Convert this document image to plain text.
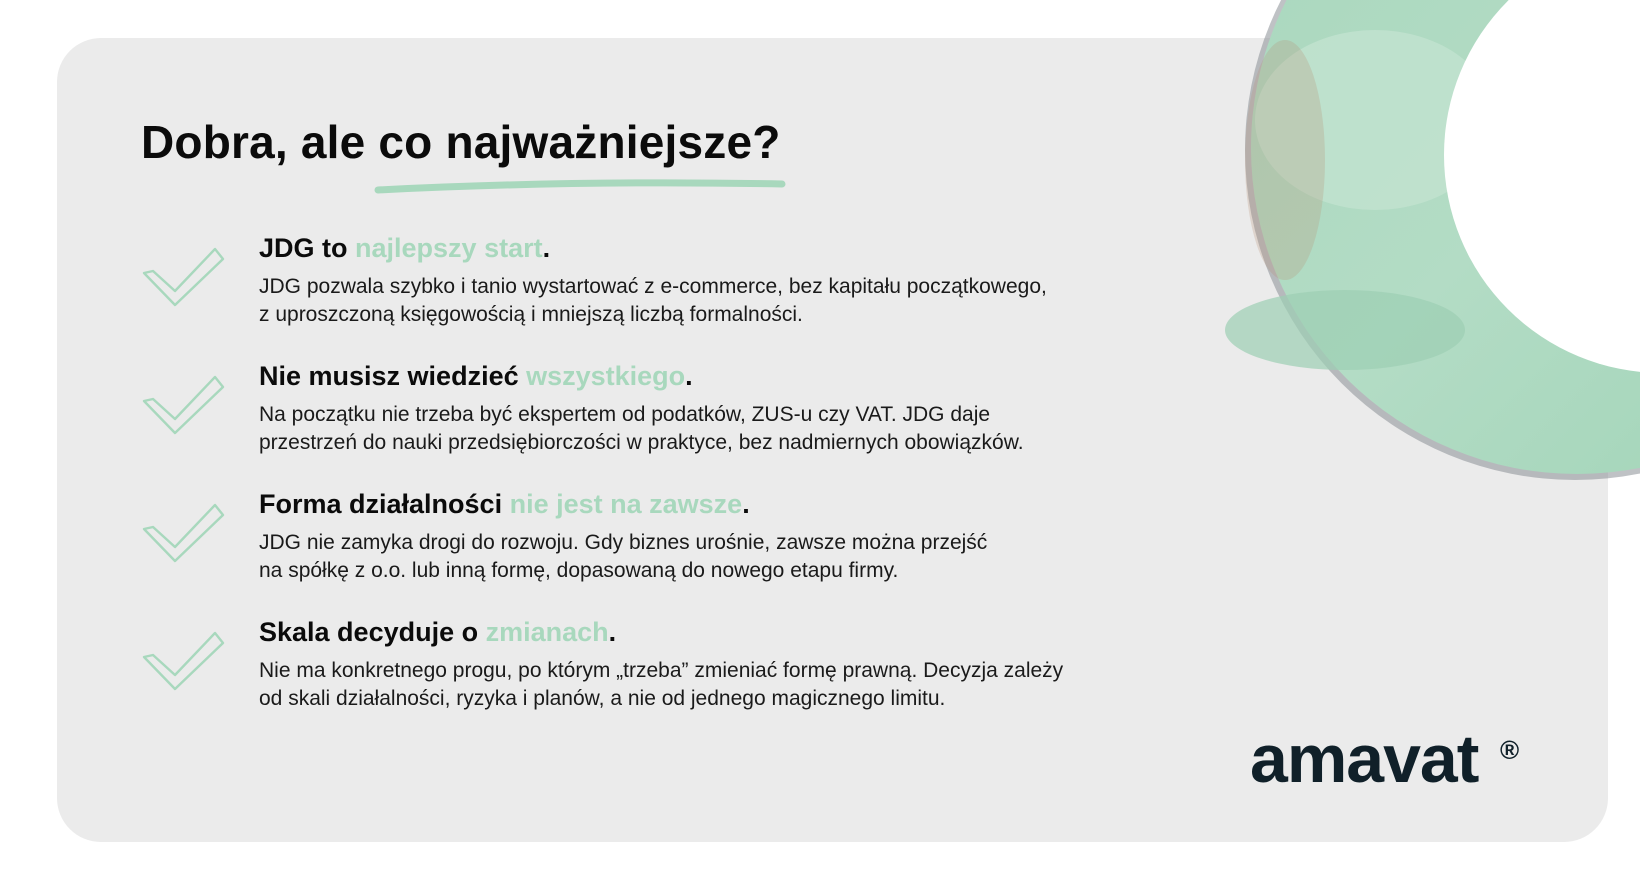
Dobra, ale co najważniejsze?
JDG to najlepszy start.

JDG pozwala szybko i tanio wystartować z e-commerce, bez kapitału początkowego,
z uproszczoną księgowością i mniejszą liczbą formalności.

Nie musisz wiedzieć wszystkiego.

Na początku nie trzeba być ekspertem od podatków, ZUS-u czy VAT. JDG daje
przestrzeń do nauki przedsiębiorczości w praktyce, bez nadmiernych obowiązków.

Forma działalności nie jest na zawsze.

JDG nie zamyka drogi do rozwoju. Gdy biznes urośnie, zawsze można przejść
na spółkę z o.o. lub inną formę, dopasowaną do nowego etapu firmy.

Skala decyduje o zmianach.

Nie ma konkretnego progu, po którym „trzeba” zmieniać formę prawną. Decyzja zależy
od skali działalności, ryzyka i planów, a nie od jednego magicznego limitu.

amavat ®
